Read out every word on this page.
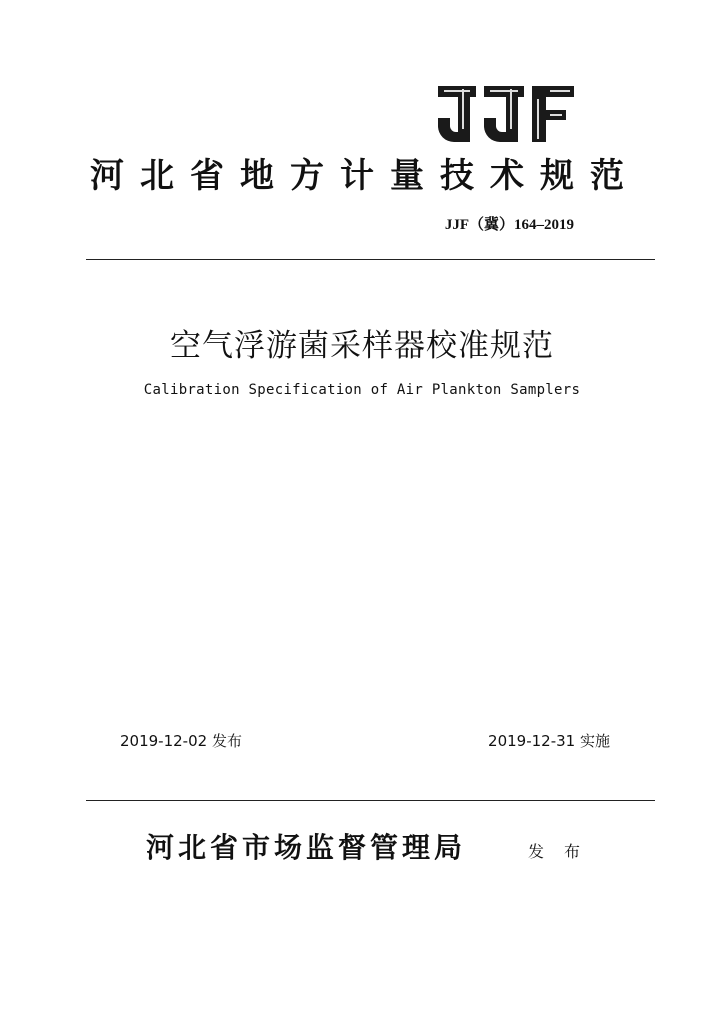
河北省地方计量技术规范
JJF（冀）164–2019
空气浮游菌采样器校准规范
Calibration Specification of Air Plankton Samplers
2019-12-02 发布	2019-12-31 实施
河北省市场监督管理局	发布
